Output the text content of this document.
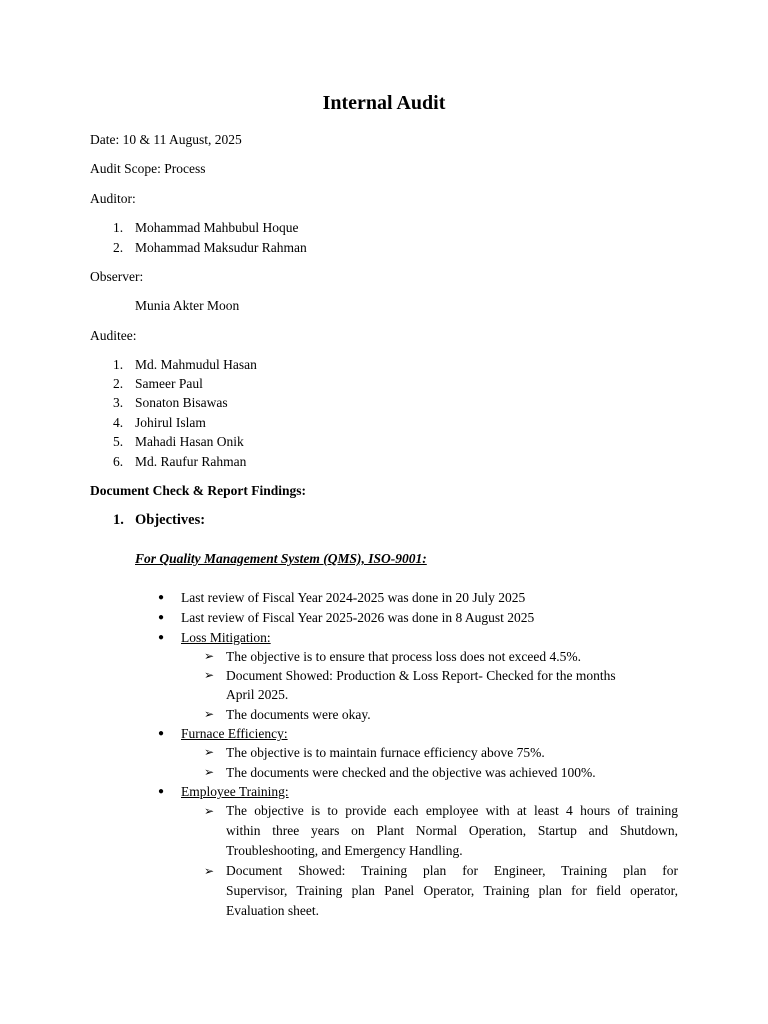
Internal Audit
Date: 10 & 11 August, 2025
Audit Scope: Process
Auditor:
1. Mohammad Mahbubul Hoque
2. Mohammad Maksudur Rahman
Observer:
Munia Akter Moon
Auditee:
1. Md. Mahmudul Hasan
2. Sameer Paul
3. Sonaton Bisawas
4. Johirul Islam
5. Mahadi Hasan Onik
6. Md. Raufur Rahman
Document Check & Report Findings:
1. Objectives:
For Quality Management System (QMS), ISO-9001:
● Last review of Fiscal Year 2024-2025 was done in 20 July 2025
● Last review of Fiscal Year 2025-2026 was done in 8 August 2025
● Loss Mitigation:
➢ The objective is to ensure that process loss does not exceed 4.5%.
➢ Document Showed: Production & Loss Report- Checked for the months
April 2025.
➢ The documents were okay.
● Furnace Efficiency:
➢ The objective is to maintain furnace efficiency above 75%.
➢ The documents were checked and the objective was achieved 100%.
● Employee Training:
➢ The objective is to provide each employee with at least 4 hours of training
within three years on Plant Normal Operation, Startup and Shutdown,
Troubleshooting, and Emergency Handling.
➢ Document Showed: Training plan for Engineer, Training plan for
Supervisor, Training plan Panel Operator, Training plan for field operator,
Evaluation sheet.
